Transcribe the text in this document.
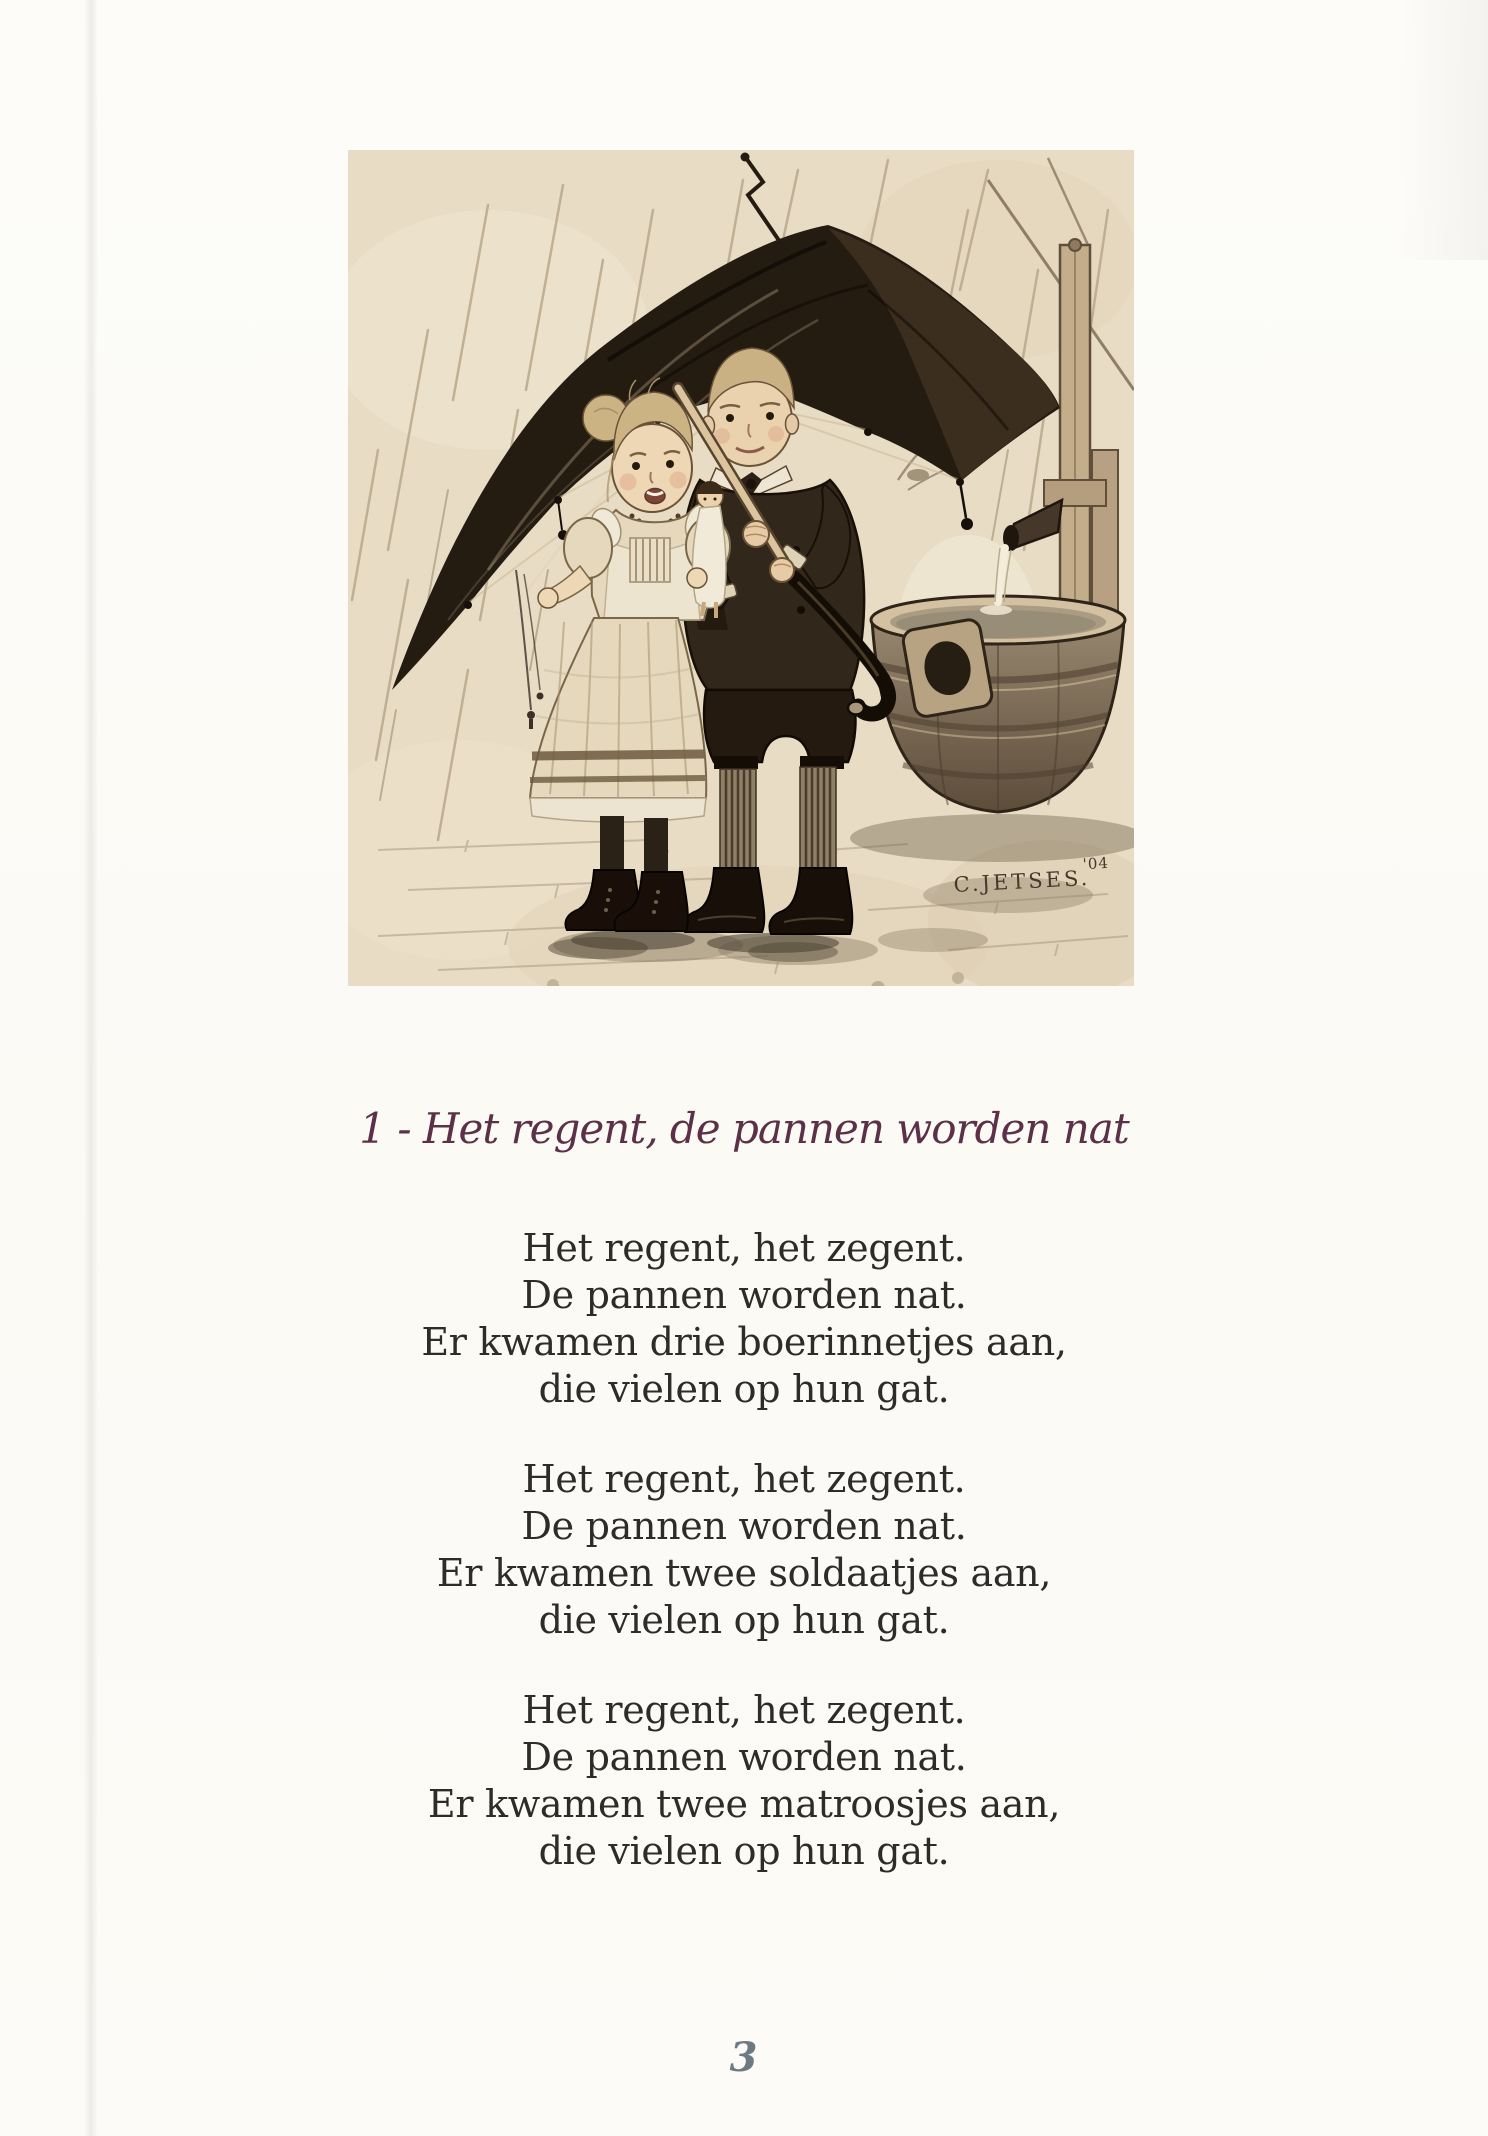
C.JETSES.
'04
1 - Het regent, de pannen worden nat

Het regent, het zegent.

De pannen worden nat.

Er kwamen drie boerinnetjes aan,

die vielen op hun gat.

Het regent, het zegent.

De pannen worden nat.

Er kwamen twee soldaatjes aan,

die vielen op hun gat.

Het regent, het zegent.

De pannen worden nat.

Er kwamen twee matroosjes aan,

die vielen op hun gat.

3
